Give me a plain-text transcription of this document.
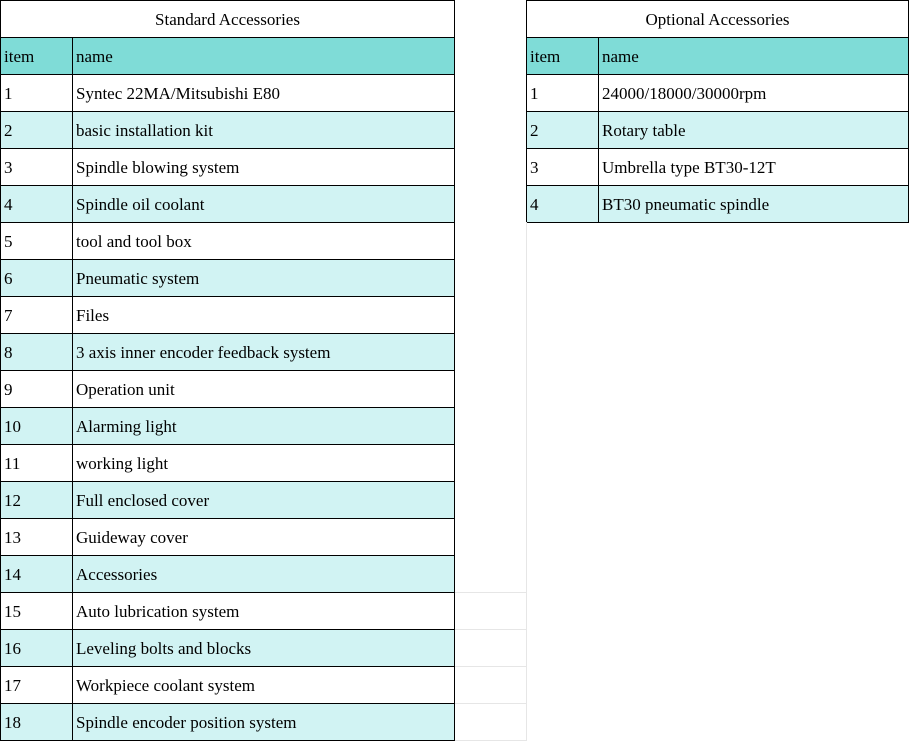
Standard Accessories	Optional Accessories
item	name	item	name
1	Syntec 22MA/Mitsubishi E80
2	basic installation kit
3	Spindle blowing system
4	Spindle oil coolant
5	tool and tool box
6	Pneumatic system
7	Files
8	3 axis inner encoder feedback system
9	Operation unit
10	Alarming light
11	working light
12	Full enclosed cover
13	Guideway cover
14	Accessories
15	Auto lubrication system
16	Leveling bolts and blocks
17	Workpiece coolant system
18	Spindle encoder position system
1	24000/18000/30000rpm
2	Rotary table
3	Umbrella type BT30-12T
4	BT30 pneumatic spindle
